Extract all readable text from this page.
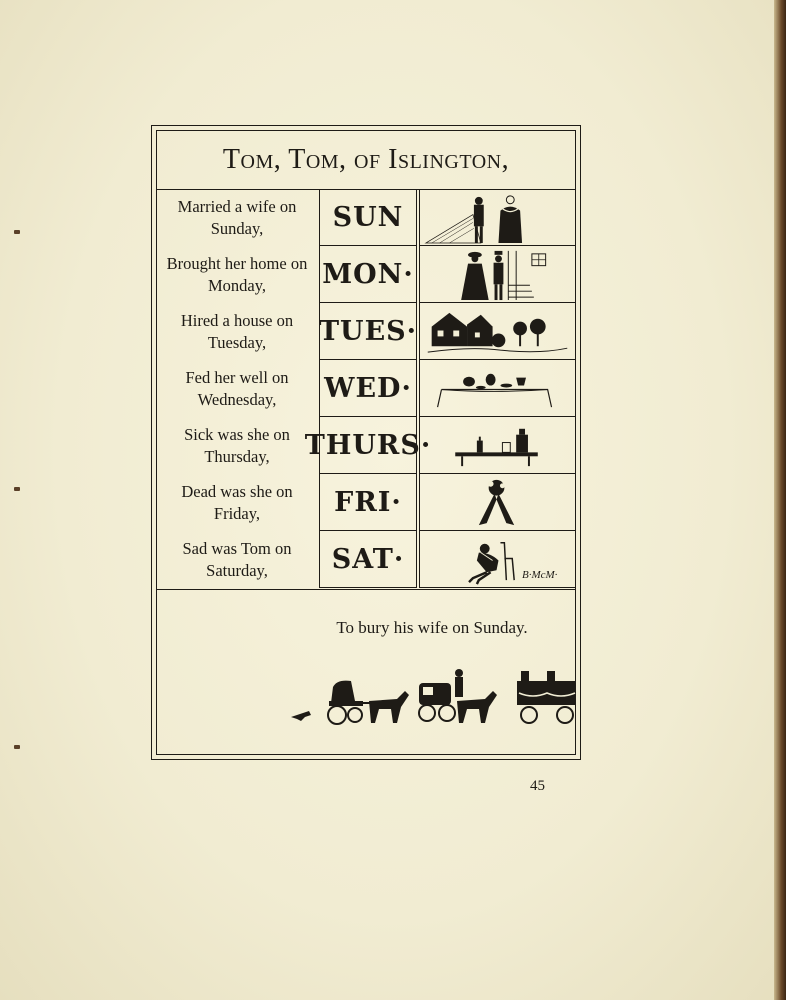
Tom, Tom, of Islington,
Married a wife on
Sunday,	SUN
Brought her home on
Monday,	MON·
Hired a house on
Tuesday,	TUES·
Fed her well on
Wednesday,	WED·
Sick was she on
Thursday,	THURS·
Dead was she on
Friday,	FRI·
Sad was Tom on
Saturday,	SAT·
B·McM·
To bury his wife on Sunday.
45
